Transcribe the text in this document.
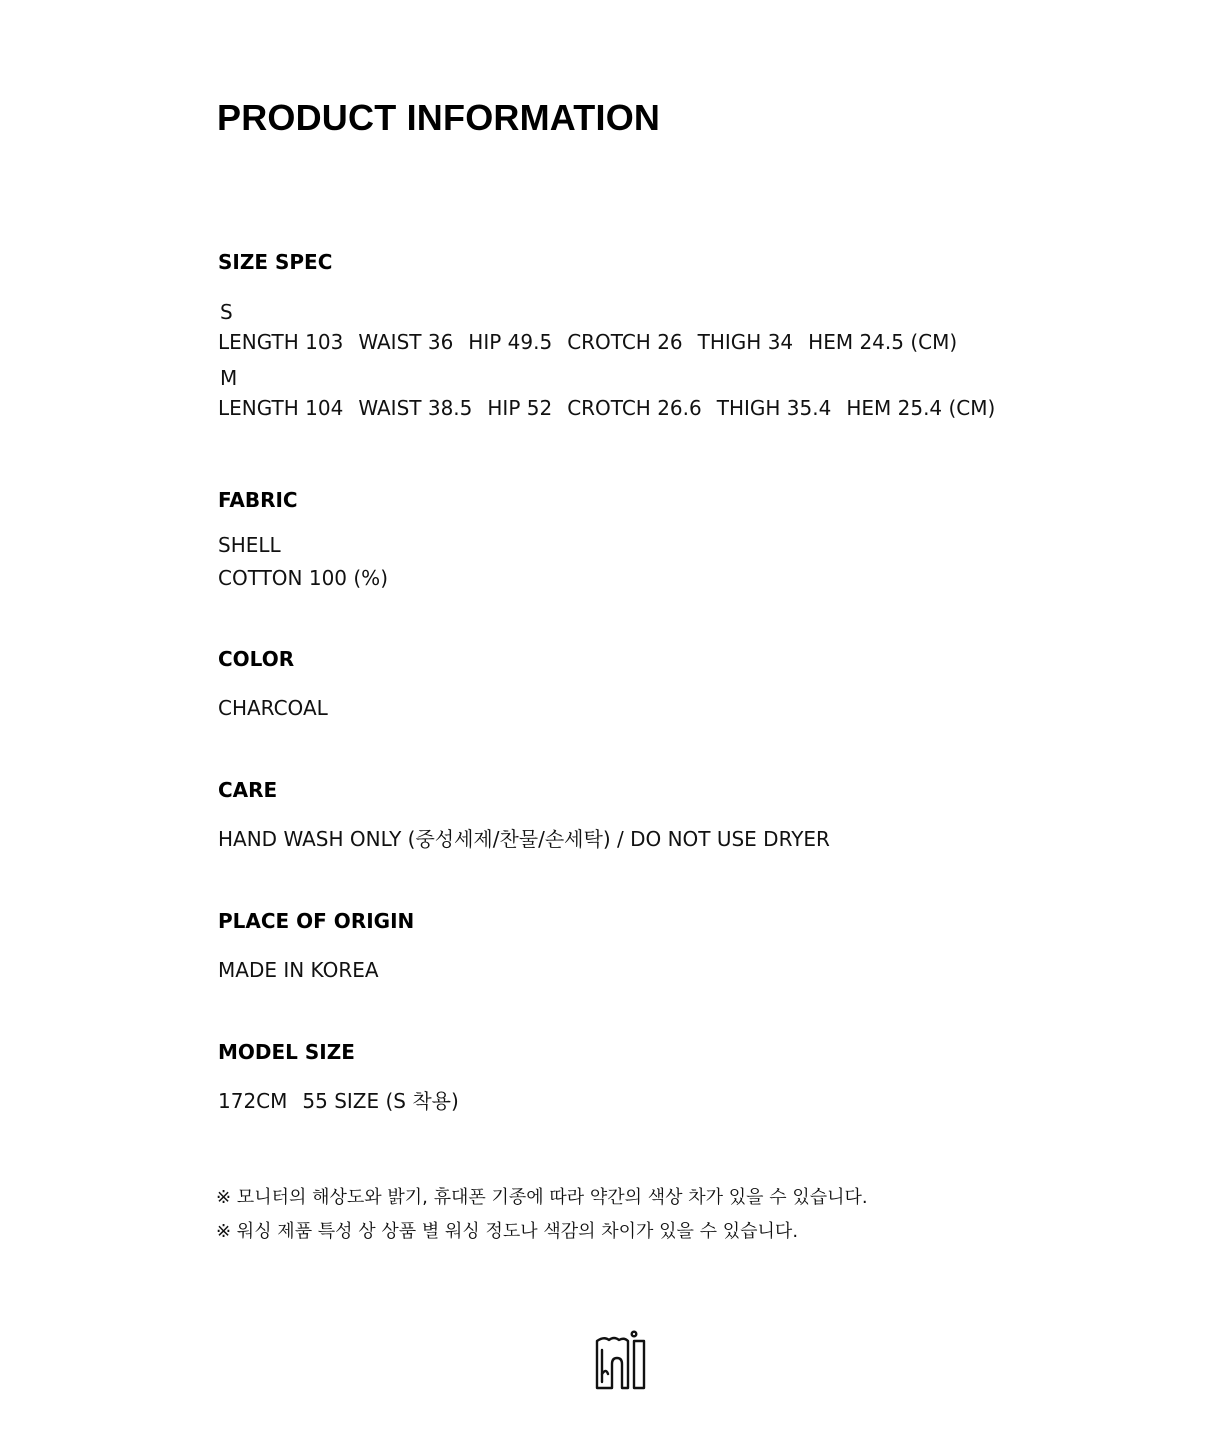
PRODUCT INFORMATION
SIZE SPEC
S
LENGTH 103 WAIST 36 HIP 49.5 CROTCH 26 THIGH 34 HEM 24.5 (CM)
M
LENGTH 104 WAIST 38.5 HIP 52 CROTCH 26.6 THIGH 35.4 HEM 25.4 (CM)
FABRIC
SHELL
COTTON 100 (%)
COLOR
CHARCOAL
CARE
HAND WASH ONLY (중성세제/찬물/손세탁) / DO NOT USE DRYER
PLACE OF ORIGIN
MADE IN KOREA
MODEL SIZE
172CM 55 SIZE (S 착용)
※ 모니터의 해상도와 밝기, 휴대폰 기종에 따라 약간의 색상 차가 있을 수 있습니다.
※ 워싱 제품 특성 상 상품 별 워싱 정도나 색감의 차이가 있을 수 있습니다.
